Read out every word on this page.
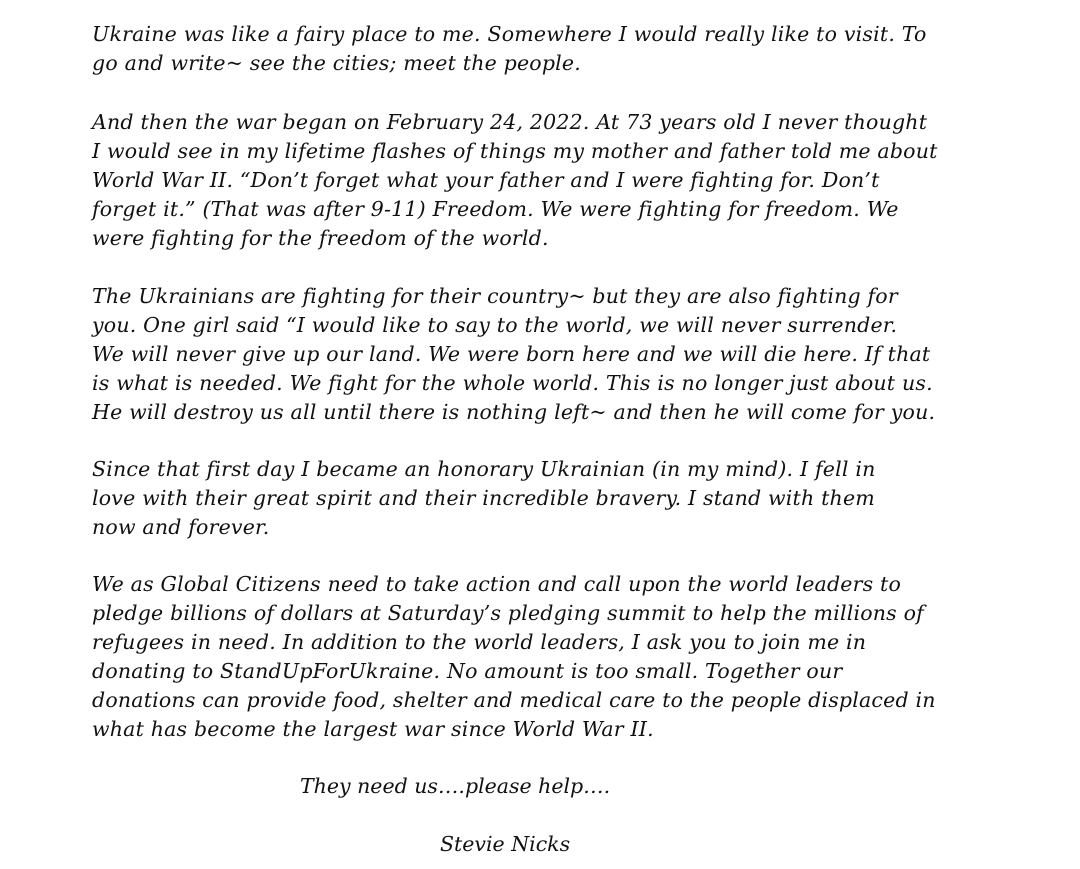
Ukraine was like a fairy place to me. Somewhere I would really like to visit. To
go and write~ see the cities; meet the people.

And then the war began on February 24, 2022. At 73 years old I never thought
I would see in my lifetime flashes of things my mother and father told me about
World War II. “Don’t forget what your father and I were fighting for. Don’t
forget it.” (That was after 9-11) Freedom. We were fighting for freedom. We
were fighting for the freedom of the world.

The Ukrainians are fighting for their country~ but they are also fighting for
you. One girl said “I would like to say to the world, we will never surrender.
We will never give up our land. We were born here and we will die here. If that
is what is needed. We fight for the whole world. This is no longer just about us.
He will destroy us all until there is nothing left~ and then he will come for you.

Since that first day I became an honorary Ukrainian (in my mind). I fell in
love with their great spirit and their incredible bravery. I stand with them
now and forever.

We as Global Citizens need to take action and call upon the world leaders to
pledge billions of dollars at Saturday’s pledging summit to help the millions of
refugees in need. In addition to the world leaders, I ask you to join me in
donating to StandUpForUkraine. No amount is too small. Together our
donations can provide food, shelter and medical care to the people displaced in
what has become the largest war since World War II.

They need us….please help….
Stevie Nicks
